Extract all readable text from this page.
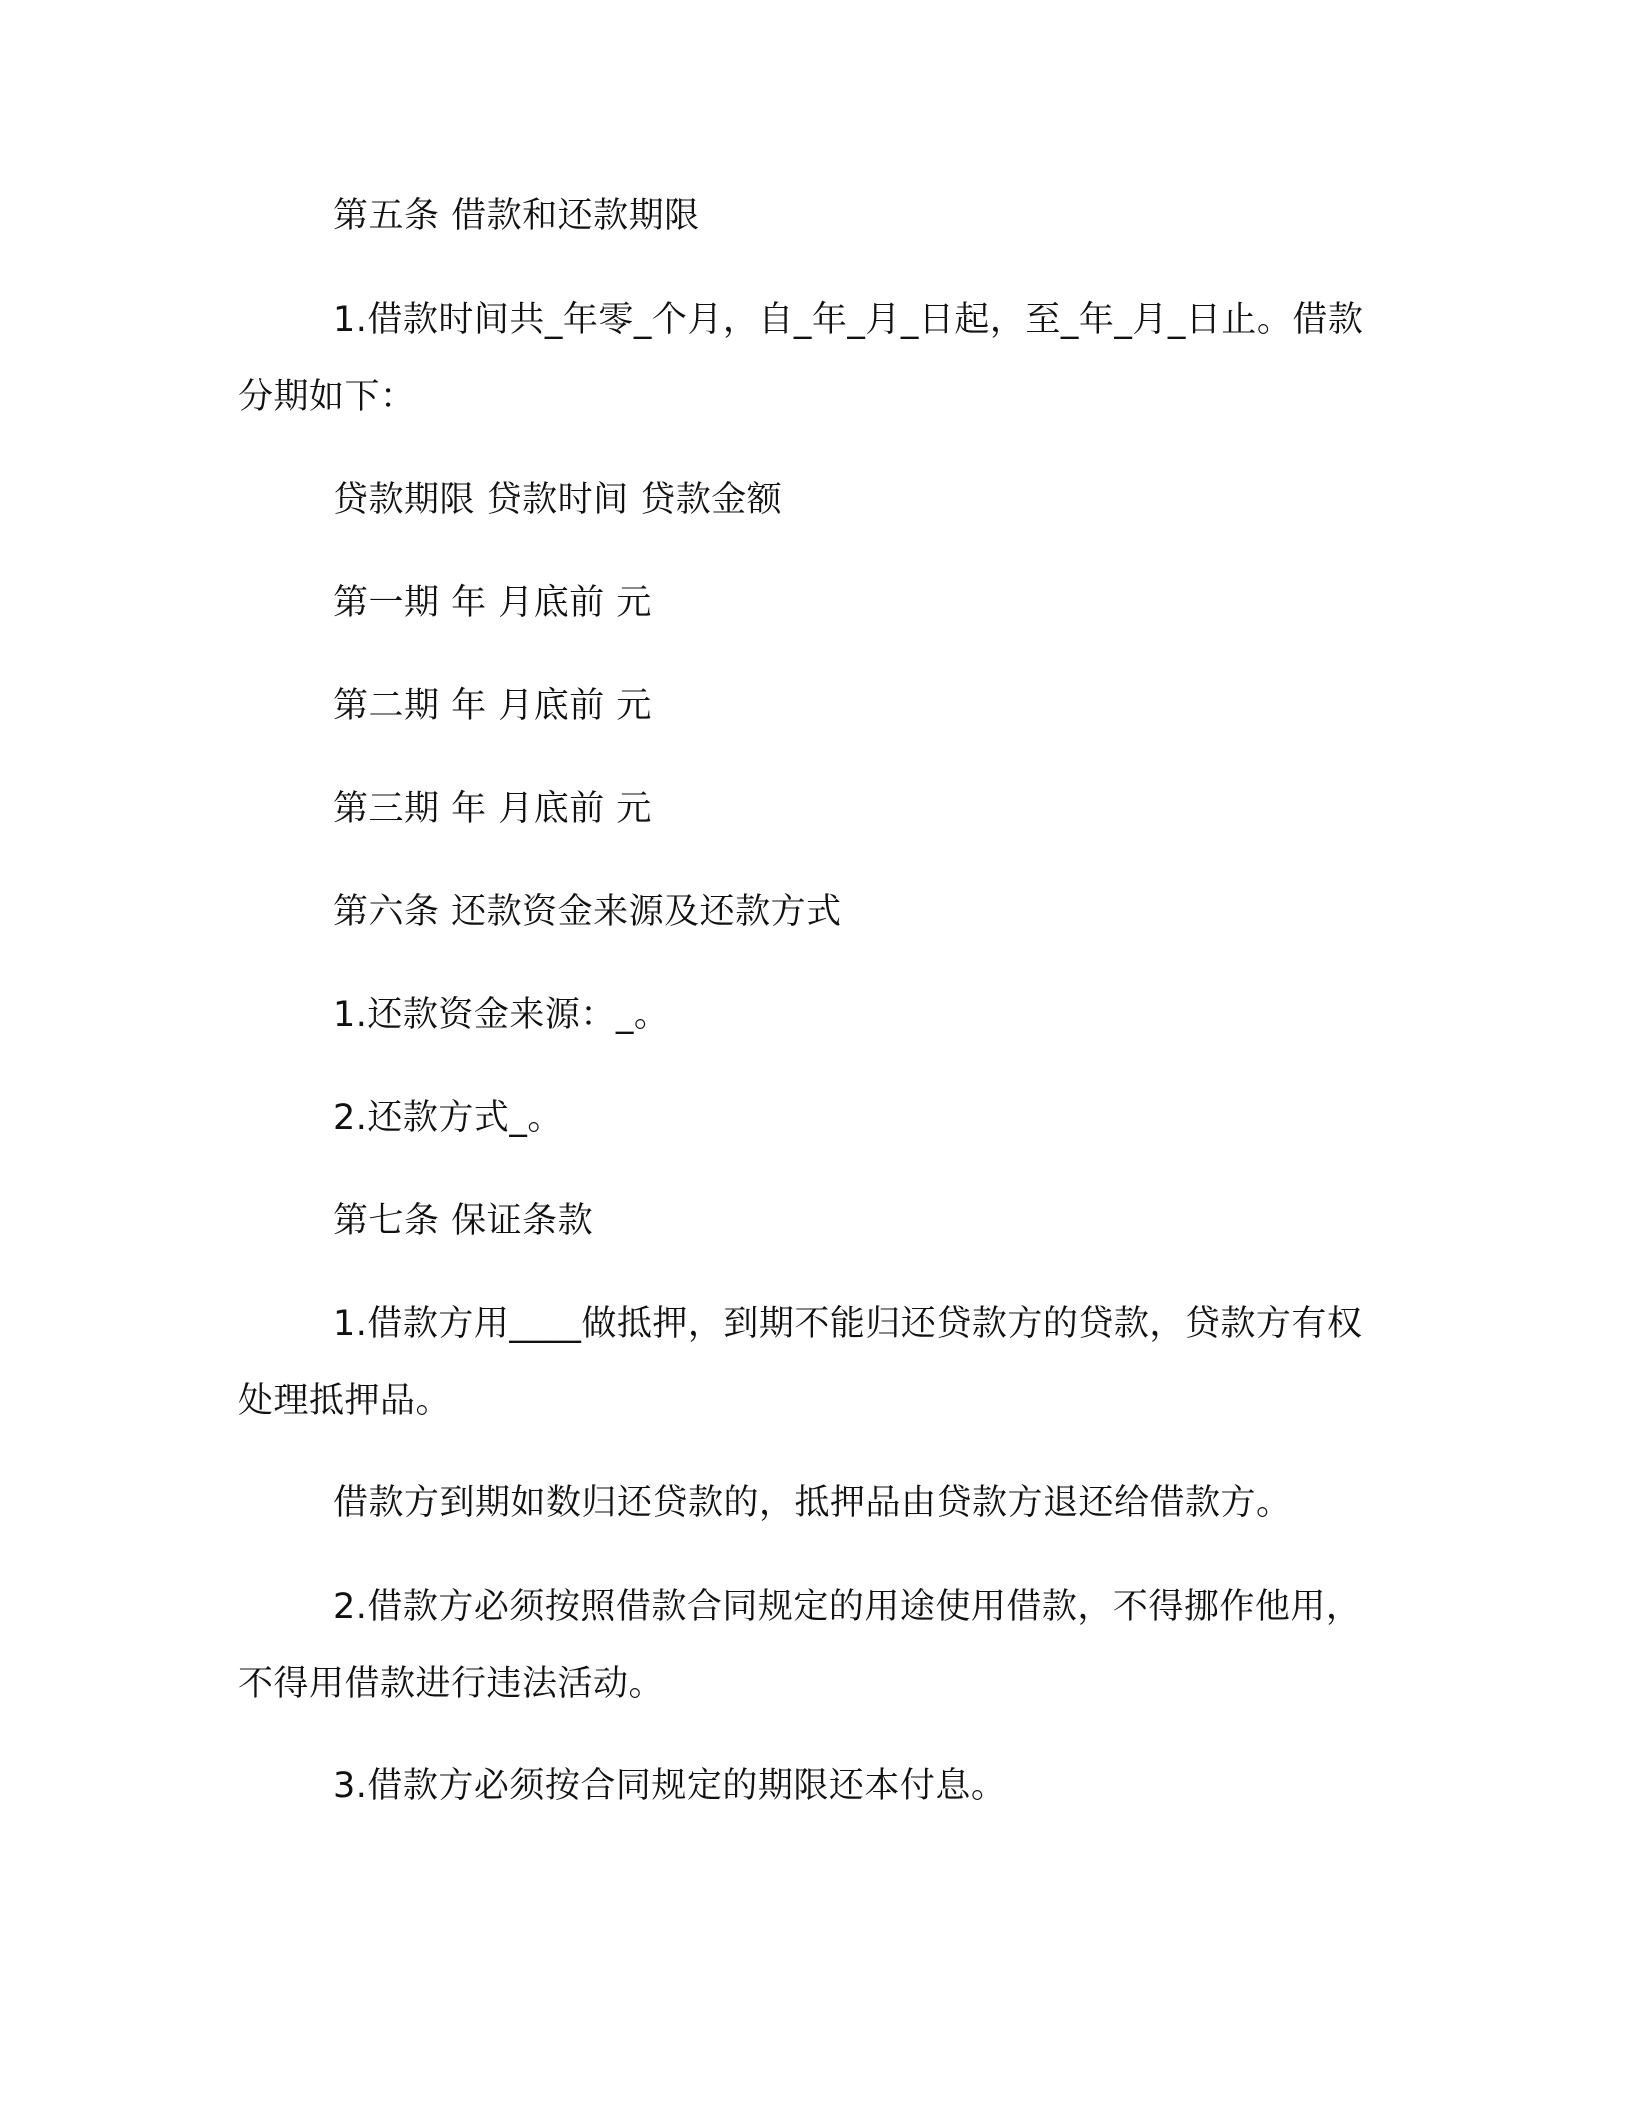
第五条 借款和还款期限
1.借款时间共_年零_个月，自_年_月_日起，至_年_月_日止。借款分期如下：
贷款期限 贷款时间 贷款金额
第一期 年 月底前 元
第二期 年 月底前 元
第三期 年 月底前 元
第六条 还款资金来源及还款方式
1.还款资金来源：_。
2.还款方式_。
第七条 保证条款
1.借款方用____做抵押，到期不能归还贷款方的贷款，贷款方有权处理抵押品。
借款方到期如数归还贷款的，抵押品由贷款方退还给借款方。
2.借款方必须按照借款合同规定的用途使用借款，不得挪作他用，不得用借款进行违法活动。
3.借款方必须按合同规定的期限还本付息。
